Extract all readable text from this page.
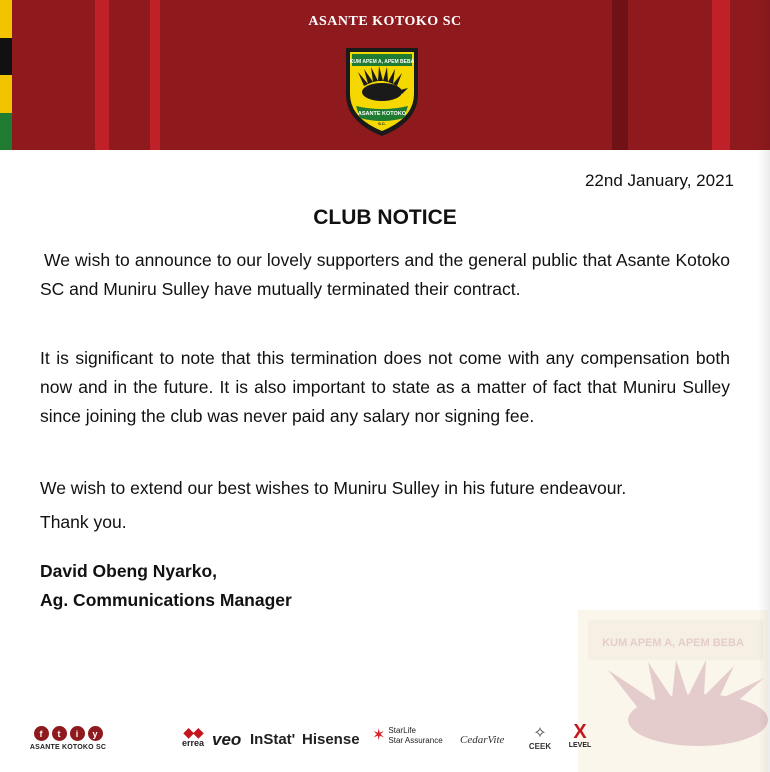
ASANTE KOTOKO SC
KUM APEM A, APEM BEBA
ASANTE KOTOKO
S.C.
22nd January, 2021
CLUB NOTICE

We wish to announce to our lovely supporters and the general public that Asante Kotoko SC and Muniru Sulley have mutually terminated their contract.

It is significant to note that this termination does not come with any compensation both now and in the future. It is also important to state as a matter of fact that Muniru Sulley since joining the club was never paid any salary nor signing fee.

We wish to extend our best wishes to Muniru Sulley in his future endeavour.

Thank you.

David Obeng Nyarko,
Ag. Communications Manager
KUM APEM A, APEM BEBA
f	t	i	y
ASANTE KOTOKO SC
◆◆
errea veo InStat' Hisense ✶ StarLife
Star Assurance CedarVite	✧
CEEK
X
LEVEL
